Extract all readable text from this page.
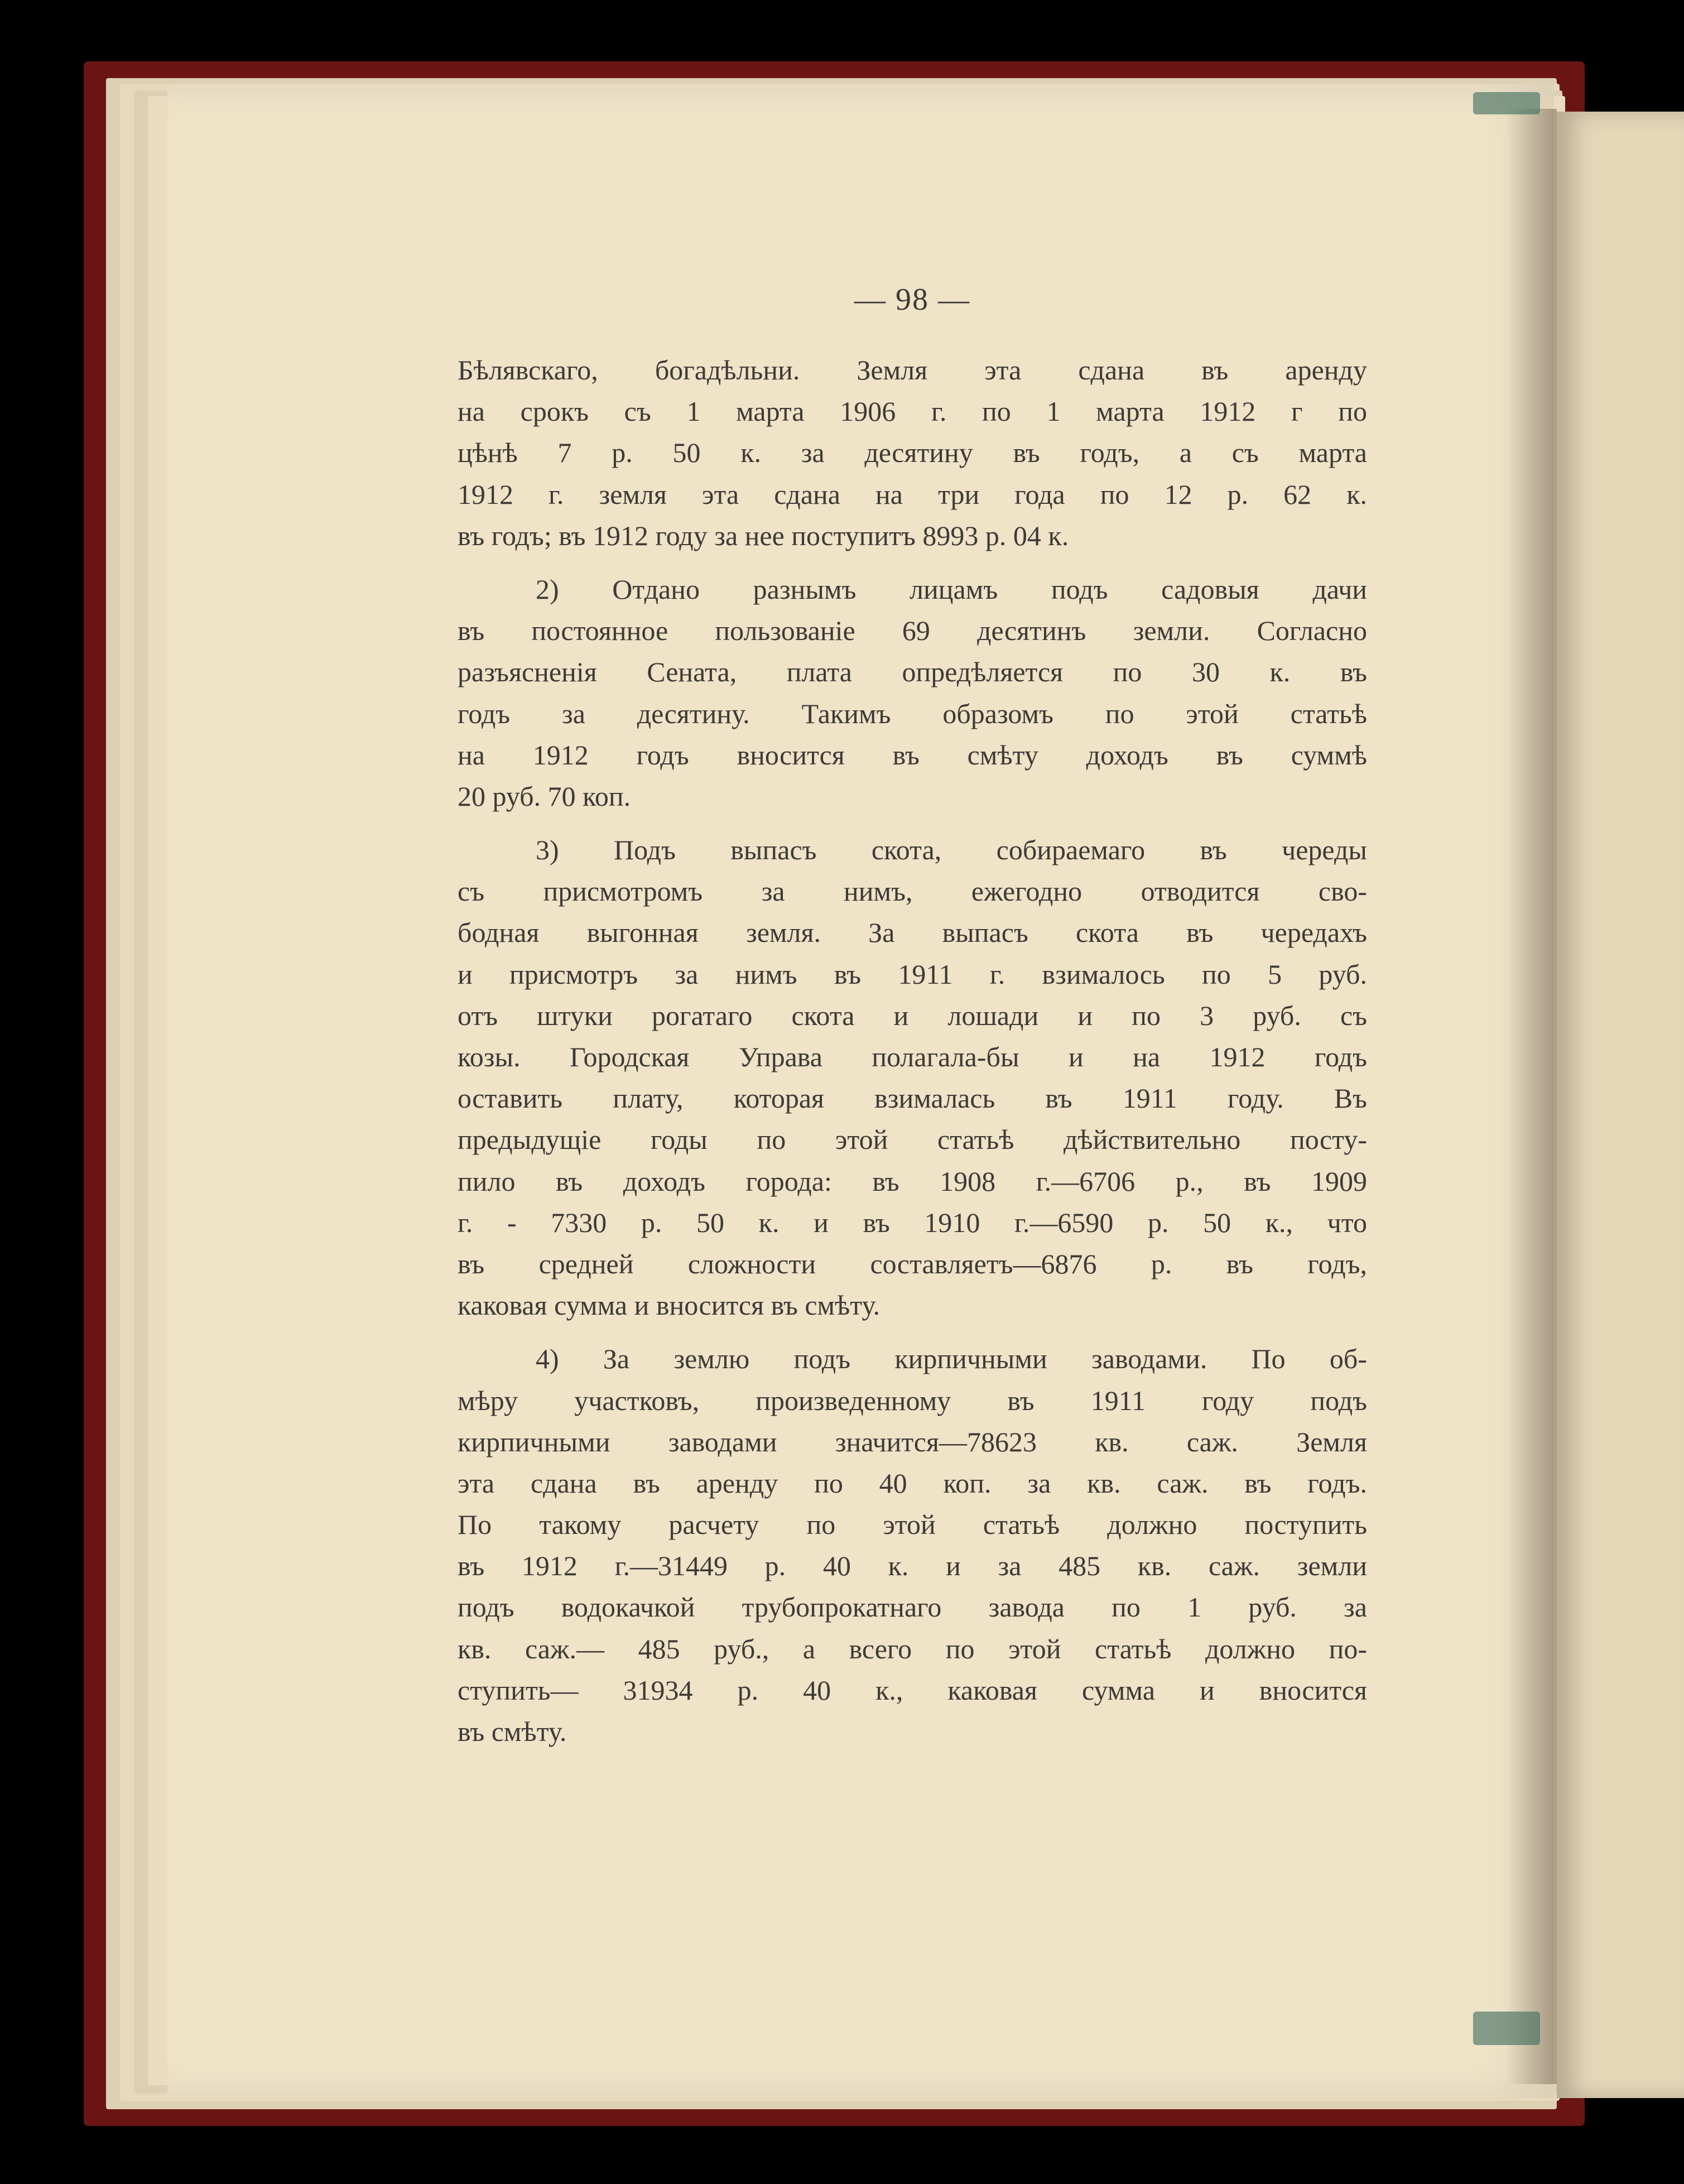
— 98 —
Бѣлявскаго, богадѣльни. Земля эта сдана въ аренду
на срокъ съ 1 марта 1906 г. по 1 марта 1912 г по
цѣнѣ 7 р. 50 к. за десятину въ годъ, а съ марта
1912 г. земля эта сдана на три года по 12 р. 62 к.
въ годъ; въ 1912 году за нее поступитъ 8993 р. 04 к.
2) Отдано разнымъ лицамъ подъ садовыя дачи
въ постоянное пользованіе 69 десятинъ земли. Согласно
разъясненія Сената, плата опредѣляется по 30 к. въ
годъ за десятину. Такимъ образомъ по этой статьѣ
на 1912 годъ вносится въ смѣту доходъ въ суммѣ
20 руб. 70 коп.
3) Подъ выпасъ скота, собираемаго въ череды
съ присмотромъ за нимъ, ежегодно отводится сво-
бодная выгонная земля. За выпасъ скота въ чередахъ
и присмотръ за нимъ въ 1911 г. взималось по 5 руб.
отъ штуки рогатаго скота и лошади и по 3 руб. съ
козы. Городская Управа полагала-бы и на 1912 годъ
оставить плату, которая взималась въ 1911 году. Въ
предыдущіе годы по этой статьѣ дѣйствительно посту-
пило въ доходъ города: въ 1908 г.—6706 р., въ 1909
г. - 7330 р. 50 к. и въ 1910 г.—6590 р. 50 к., что
въ средней сложности составляетъ—6876 р. въ годъ,
каковая сумма и вносится въ смѣту.
4) За землю подъ кирпичными заводами. По об-
мѣру участковъ, произведенному въ 1911 году подъ
кирпичными заводами значится—78623 кв. саж. Земля
эта сдана въ аренду по 40 коп. за кв. саж. въ годъ.
По такому расчету по этой статьѣ должно поступить
въ 1912 г.—31449 р. 40 к. и за 485 кв. саж. земли
подъ водокачкой трубопрокатнаго завода по 1 руб. за
кв. саж.— 485 руб., а всего по этой статьѣ должно по-
ступить— 31934 р. 40 к., каковая сумма и вносится
въ смѣту.
